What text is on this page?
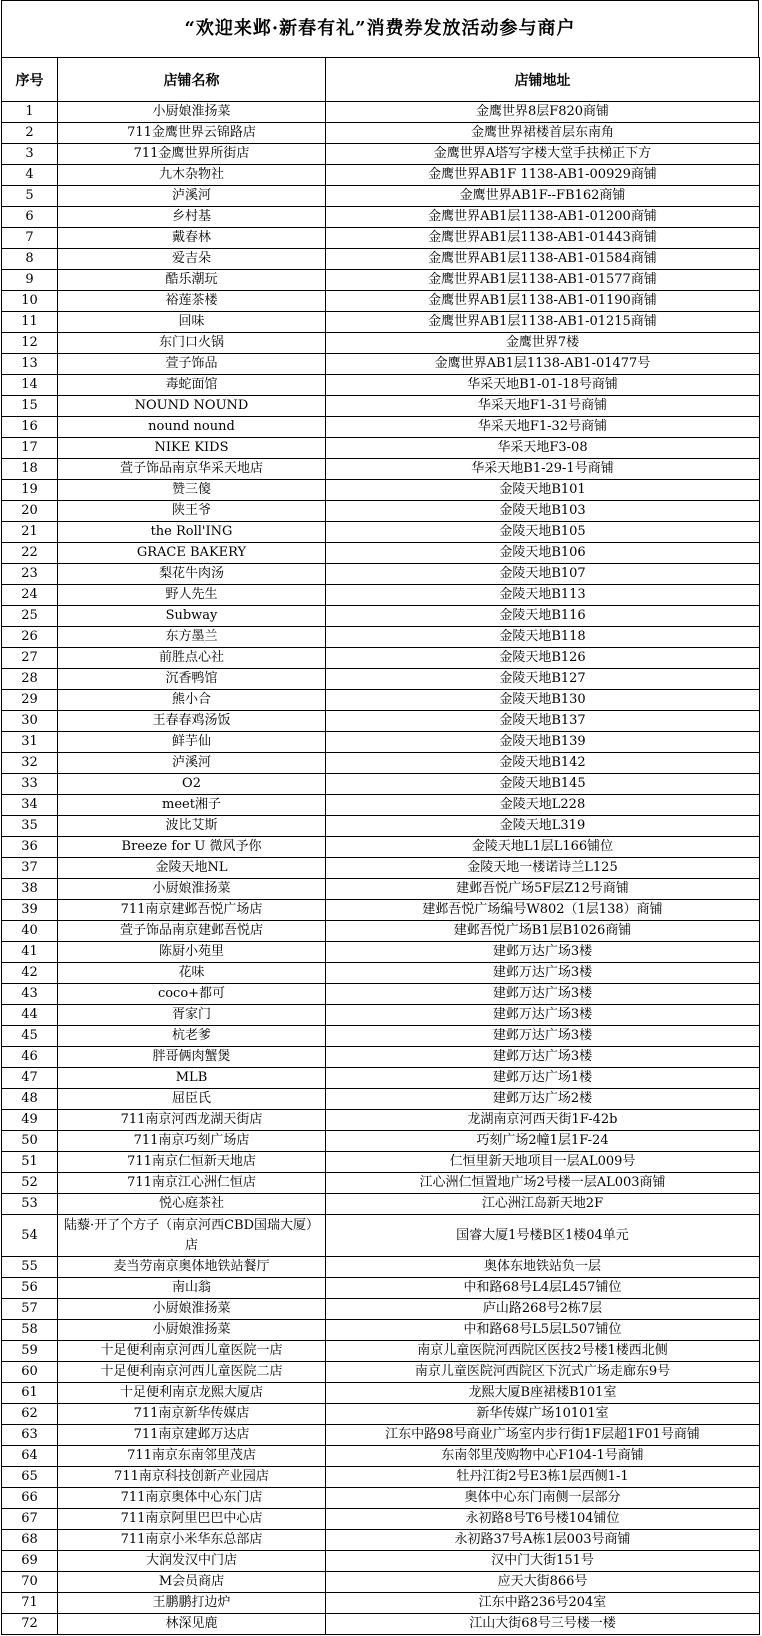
“欢迎来邺·新春有礼”消费券发放活动参与商户
序号	店铺名称	店铺地址
1	小厨娘淮扬菜	金鹰世界8层F820商铺
2	711金鹰世界云锦路店	金鹰世界裙楼首层东南角
3	711金鹰世界所街店	金鹰世界A塔写字楼大堂手扶梯正下方
4	九木杂物社	金鹰世界AB1F 1138-AB1-00929商铺
5	泸溪河	金鹰世界AB1F--FB162商铺
6	乡村基	金鹰世界AB1层1138-AB1-01200商铺
7	戴春林	金鹰世界AB1层1138-AB1-01443商铺
8	爱吉朵	金鹰世界AB1层1138-AB1-01584商铺
9	酷乐潮玩	金鹰世界AB1层1138-AB1-01577商铺
10	裕莲茶楼	金鹰世界AB1层1138-AB1-01190商铺
11	回味	金鹰世界AB1层1138-AB1-01215商铺
12	东门口火锅	金鹰世界7楼
13	萱子饰品	金鹰世界AB1层1138-AB1-01477号
14	毒蛇面馆	华采天地B1-01-18号商铺
15	NOUND NOUND	华采天地F1-31号商铺
16	nound nound	华采天地F1-32号商铺
17	NIKE KIDS	华采天地F3-08
18	萱子饰品南京华采天地店	华采天地B1-29-1号商铺
19	赞三傻	金陵天地B101
20	陕王爷	金陵天地B103
21	the Roll'ING	金陵天地B105
22	GRACE BAKERY	金陵天地B106
23	梨花牛肉汤	金陵天地B107
24	野人先生	金陵天地B113
25	Subway	金陵天地B116
26	东方墨兰	金陵天地B118
27	前胜点心社	金陵天地B126
28	沉香鸭馆	金陵天地B127
29	熊小合	金陵天地B130
30	王春春鸡汤饭	金陵天地B137
31	鲜芋仙	金陵天地B139
32	泸溪河	金陵天地B142
33	O2	金陵天地B145
34	meet湘子	金陵天地L228
35	波比艾斯	金陵天地L319
36	Breeze for U 微风予你	金陵天地L1层L166铺位
37	金陵天地NL	金陵天地一楼诺诗兰L125
38	小厨娘淮扬菜	建邺吾悦广场5F层Z12号商铺
39	711南京建邺吾悦广场店	建邺吾悦广场编号W802（1层138）商铺
40	萱子饰品南京建邺吾悦店	建邺吾悦广场B1层B1026商铺
41	陈厨小苑里	建邺万达广场3楼
42	花味	建邺万达广场3楼
43	coco+都可	建邺万达广场3楼
44	胥家门	建邺万达广场3楼
45	杭老爹	建邺万达广场3楼
46	胖哥俩肉蟹煲	建邺万达广场3楼
47	MLB	建邺万达广场1楼
48	屈臣氏	建邺万达广场2楼
49	711南京河西龙湖天街店	龙湖南京河西天街1F-42b
50	711南京巧刻广场店	巧刻广场2幢1层1F-24
51	711南京仁恒新天地店	仁恒里新天地项目一层AL009号
52	711南京江心洲仁恒店	江心洲仁恒置地广场2号楼一层AL003商铺
53	悦心庭茶社	江心洲江岛新天地2F
54	陆藜·开了个方子（南京河西CBD国瑞大厦）店	国睿大厦1号楼B区1楼04单元
55	麦当劳南京奥体地铁站餐厅	奥体东地铁站负一层
56	南山翁	中和路68号L4层L457铺位
57	小厨娘淮扬菜	庐山路268号2栋7层
58	小厨娘淮扬菜	中和路68号L5层L507铺位
59	十足便利南京河西儿童医院一店	南京儿童医院河西院区医技2号楼1楼西北侧
60	十足便利南京河西儿童医院二店	南京儿童医院河西院区下沉式广场走廊东9号
61	十足便利南京龙熙大厦店	龙熙大厦B座裙楼B101室
62	711南京新华传媒店	新华传媒广场10101室
63	711南京建邺万达店	江东中路98号商业广场室内步行街1F层超1F01号商铺
64	711南京东南邻里茂店	东南邻里茂购物中心F104-1号商铺
65	711南京科技创新产业园店	牡丹江街2号E3栋1层西侧1-1
66	711南京奥体中心东门店	奥体中心东门南侧一层部分
67	711南京阿里巴巴中心店	永初路8号T6号楼104铺位
68	711南京小米华东总部店	永初路37号A栋1层003号商铺
69	大润发汉中门店	汉中门大街151号
70	M会员商店	应天大街866号
71	王鹏鹏打边炉	江东中路236号204室
72	林深见鹿	江山大街68号三号楼一楼
